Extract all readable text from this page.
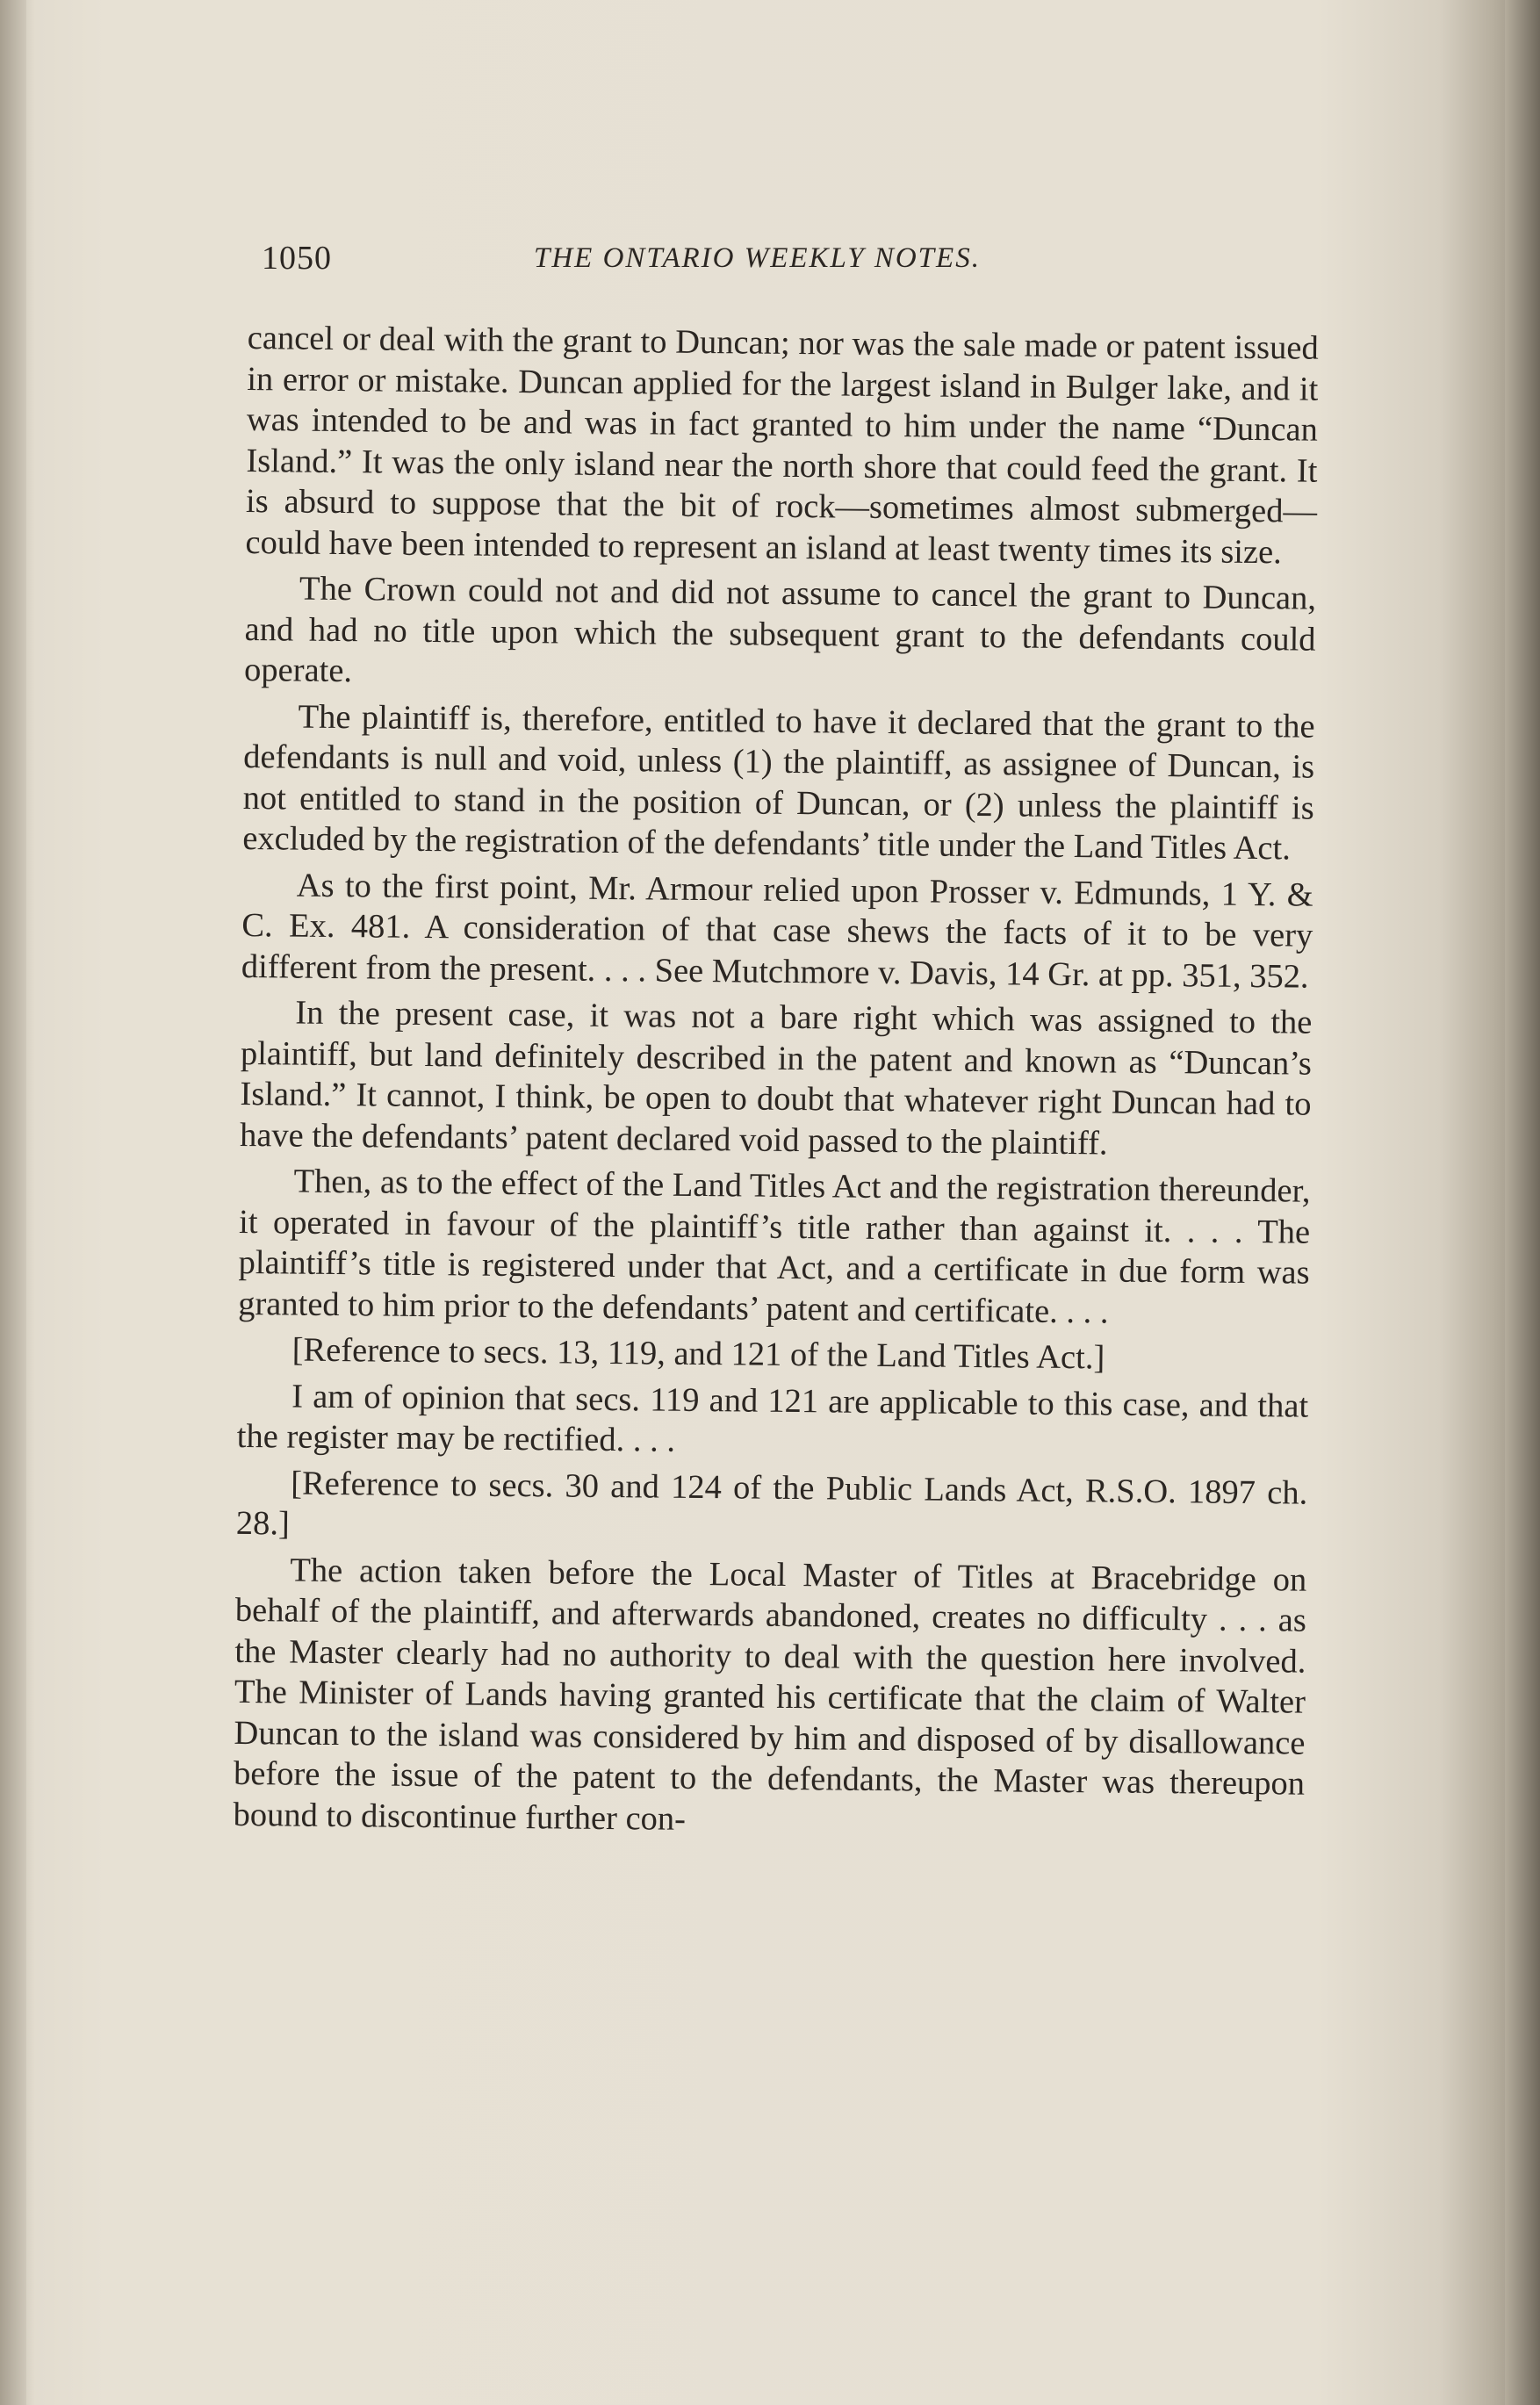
1050	THE ONTARIO WEEKLY NOTES.

cancel or deal with the grant to Duncan; nor was the sale made or patent issued in error or mistake. Duncan applied for the largest island in Bulger lake, and it was intended to be and was in fact granted to him under the name “Duncan Island.” It was the only island near the north shore that could feed the grant. It is absurd to suppose that the bit of rock—sometimes almost submerged—could have been intended to represent an island at least twenty times its size.

The Crown could not and did not assume to cancel the grant to Duncan, and had no title upon which the subsequent grant to the defendants could operate.

The plaintiff is, therefore, entitled to have it declared that the grant to the defendants is null and void, unless (1) the plaintiff, as assignee of Duncan, is not entitled to stand in the position of Duncan, or (2) unless the plaintiff is excluded by the registration of the defendants’ title under the Land Titles Act.

As to the first point, Mr. Armour relied upon Prosser v. Edmunds, 1 Y. & C. Ex. 481. A consideration of that case shews the facts of it to be very different from the present. . . . See Mutchmore v. Davis, 14 Gr. at pp. 351, 352.

In the present case, it was not a bare right which was assigned to the plaintiff, but land definitely described in the patent and known as “Duncan’s Island.” It cannot, I think, be open to doubt that whatever right Duncan had to have the defendants’ patent declared void passed to the plaintiff.

Then, as to the effect of the Land Titles Act and the registration thereunder, it operated in favour of the plaintiff’s title rather than against it. . . . The plaintiff’s title is registered under that Act, and a certificate in due form was granted to him prior to the defendants’ patent and certificate. . . .

[Reference to secs. 13, 119, and 121 of the Land Titles Act.]

I am of opinion that secs. 119 and 121 are applicable to this case, and that the register may be rectified. . . .

[Reference to secs. 30 and 124 of the Public Lands Act, R.S.O. 1897 ch. 28.]

The action taken before the Local Master of Titles at Bracebridge on behalf of the plaintiff, and afterwards abandoned, creates no difficulty . . . as the Master clearly had no authority to deal with the question here involved. The Minister of Lands having granted his certificate that the claim of Walter Duncan to the island was considered by him and disposed of by disallowance before the issue of the patent to the defendants, the Master was thereupon bound to discontinue further con-
